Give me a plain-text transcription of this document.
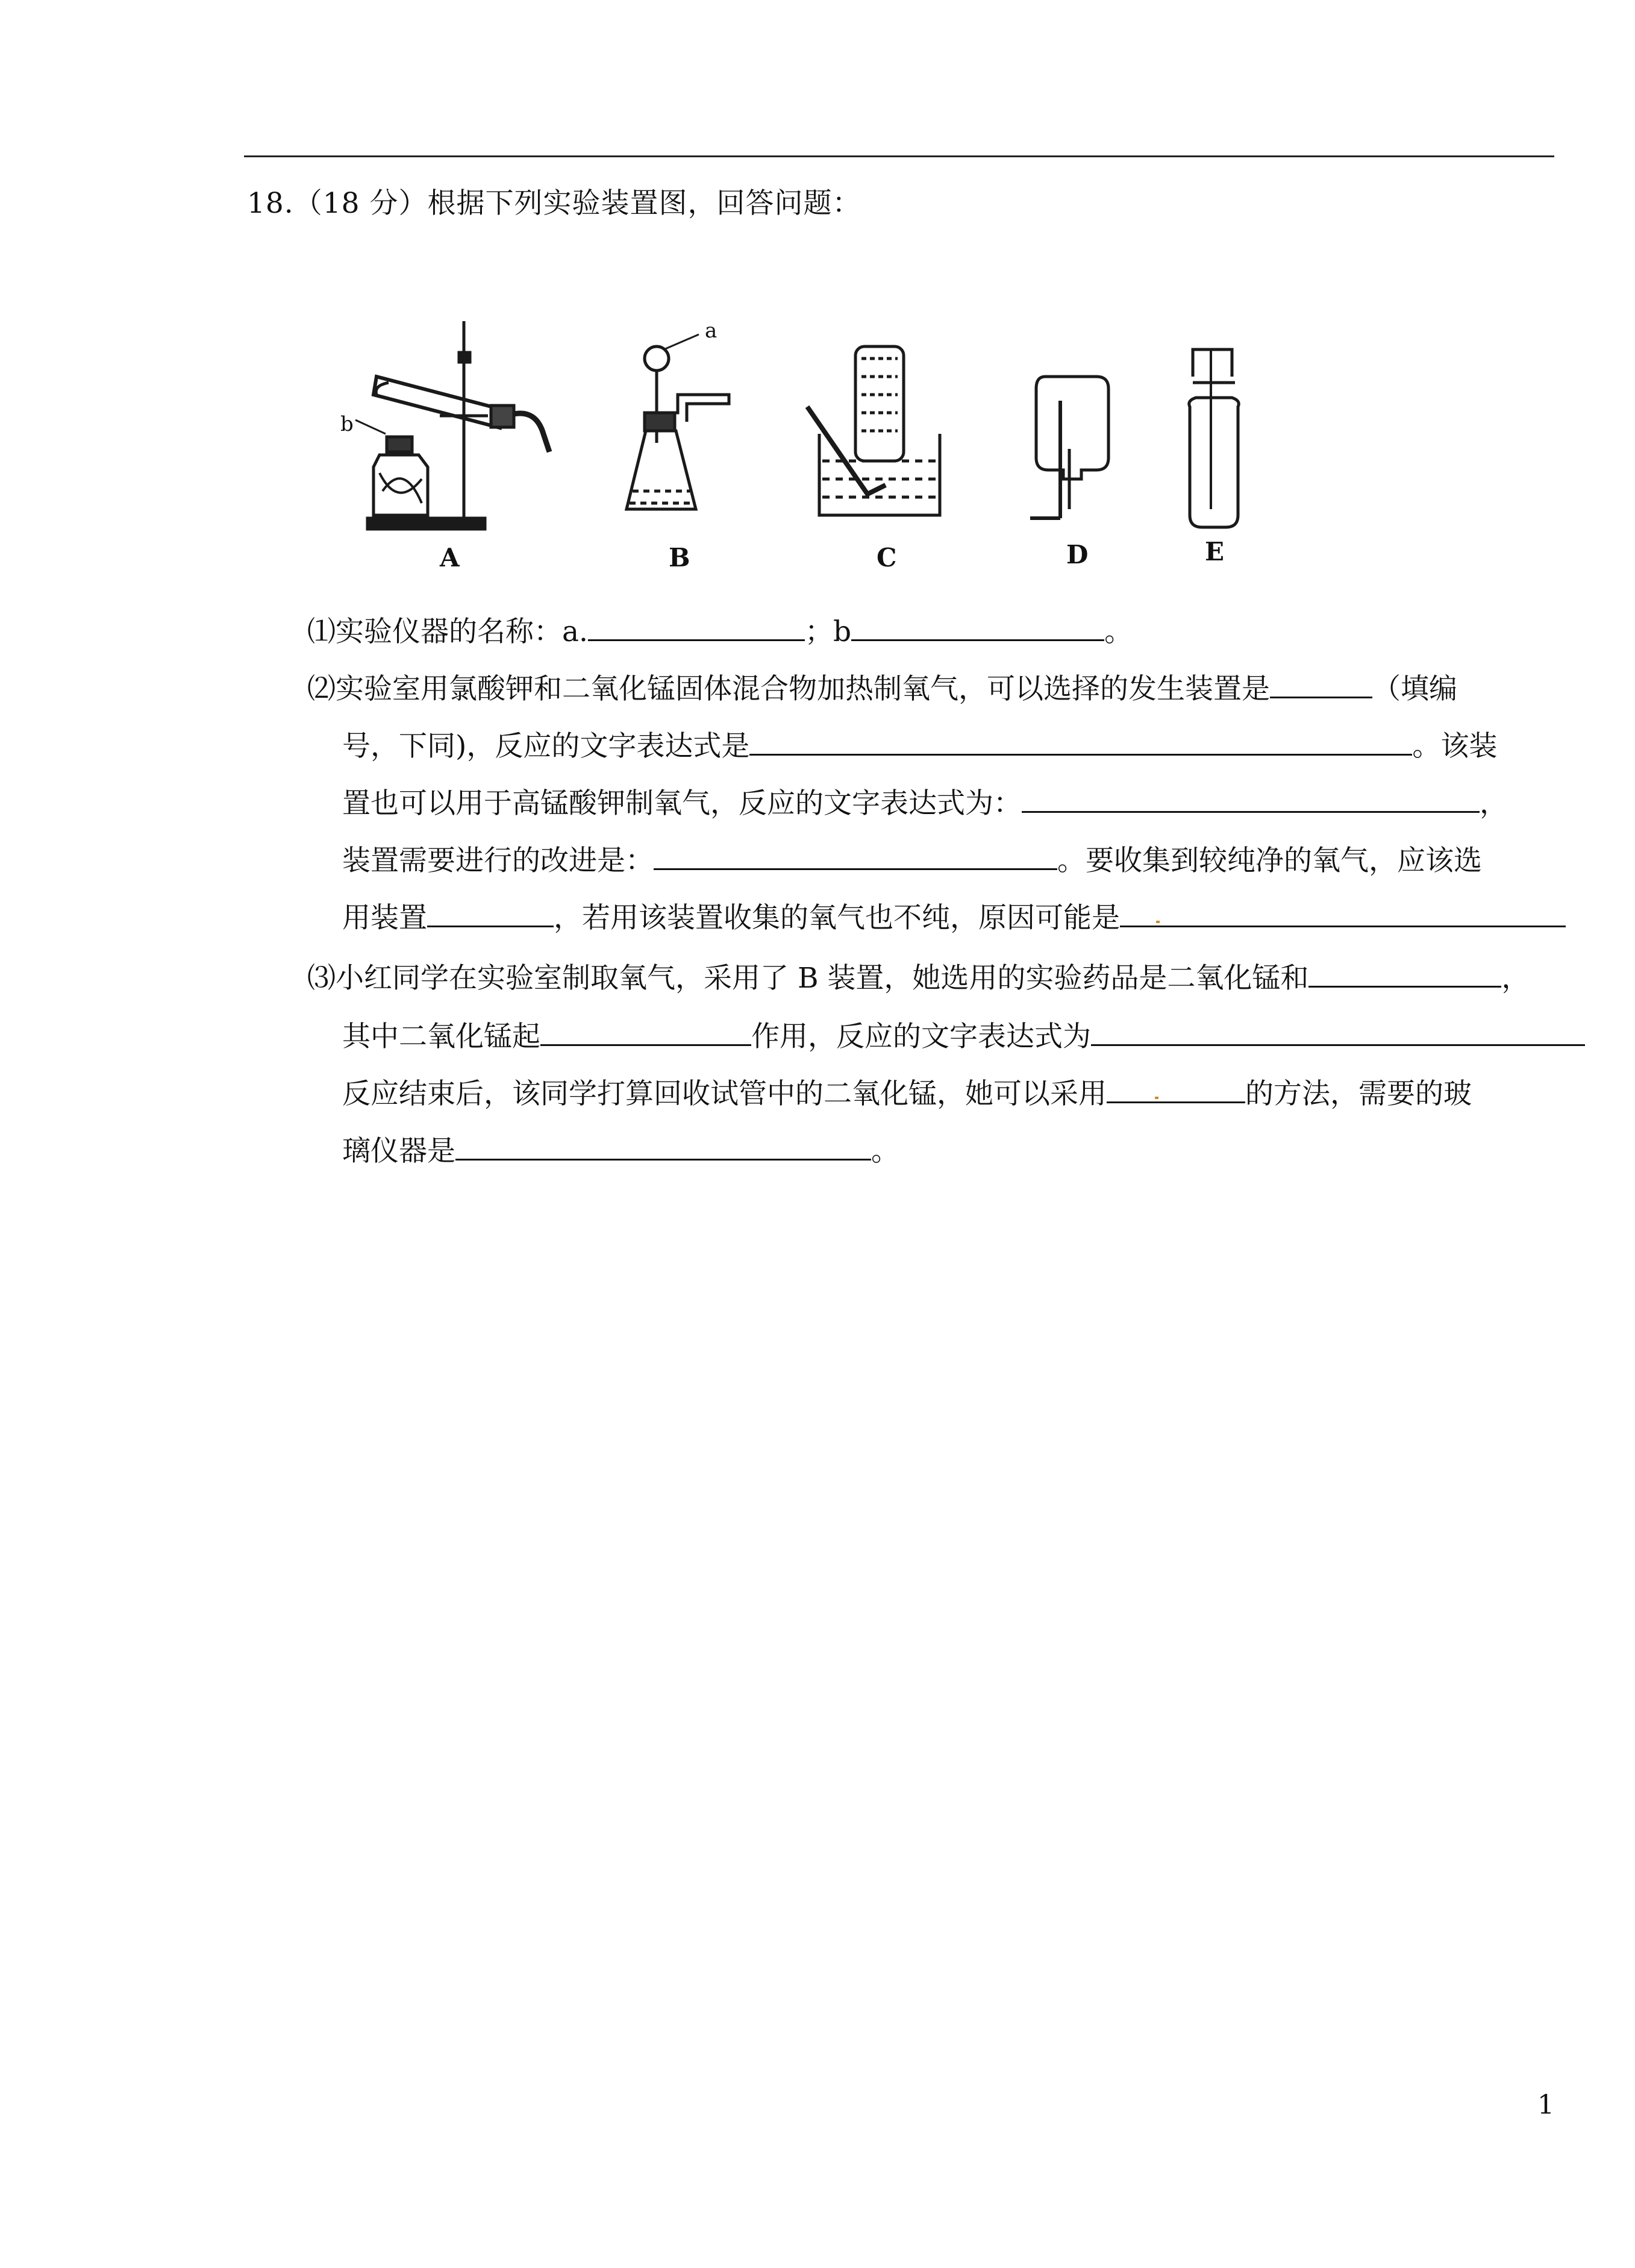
18.（18 分）根据下列实验装置图，回答问题：
A	B	C	D	E
a
b
⑴实验仪器的名称：a.	；b	。
⑵实验室用氯酸钾和二氧化锰固体混合物加热制氧气，可以选择的发生装置是	（填编
号，下同)，反应的文字表达式是	。该装
置也可以用于高锰酸钾制氧气，反应的文字表达式为：	，
装置需要进行的改进是：	。要收集到较纯净的氧气，应该选
用装置	，若用该装置收集的氧气也不纯，原因可能是
⑶小红同学在实验室制取氧气，采用了 B 装置，她选用的实验药品是二氧化锰和	，
其中二氧化锰起	作用，反应的文字表达式为
反应结束后，该同学打算回收试管中的二氧化锰，她可以采用	的方法，需要的玻
璃仪器是	。
1
